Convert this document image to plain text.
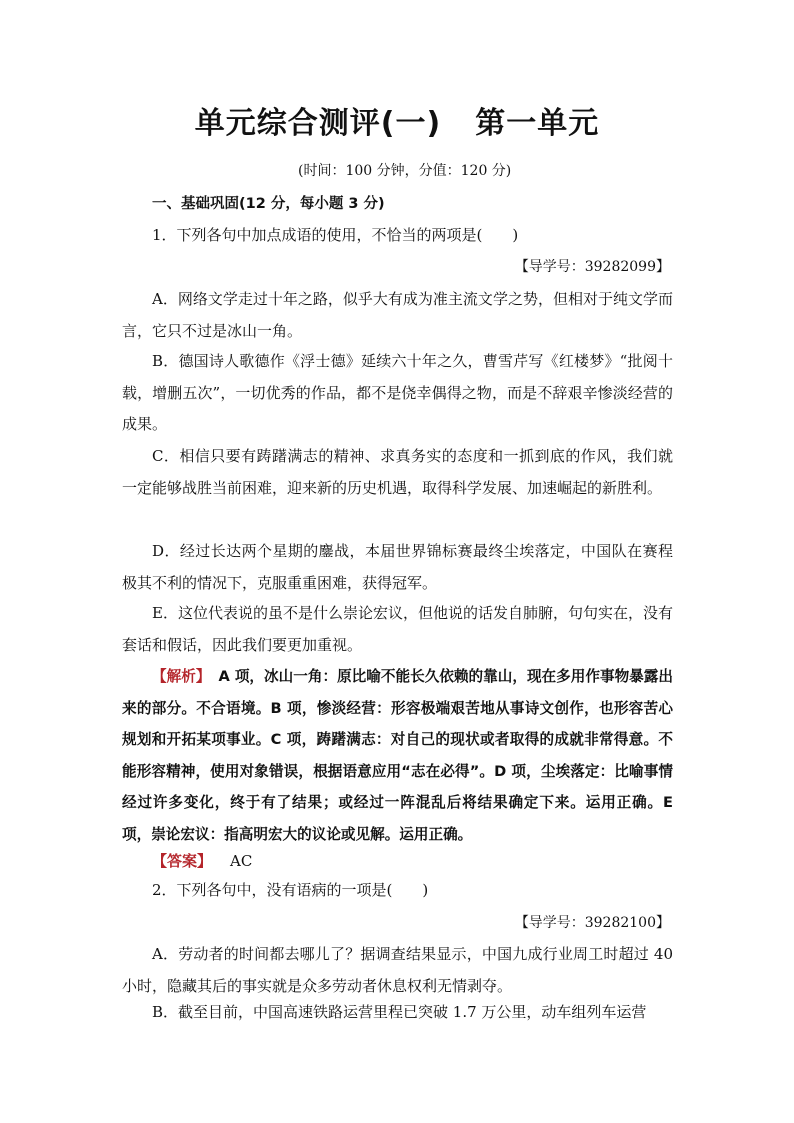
单元综合测评(一) 第一单元
(时间：100 分钟，分值：120 分)
一、基础巩固(12 分，每小题 3 分)
1．下列各句中加点成语的使用，不恰当的两项是(　　)
【导学号：39282099】
A．网络文学走过十年之路，似乎大有成为准主流文学之势，但相对于纯文学而言，它只不过是冰山一角。
B．德国诗人歌德作《浮士德》延续六十年之久，曹雪芹写《红楼梦》“批阅十载，增删五次”，一切优秀的作品，都不是侥幸偶得之物，而是不辞艰辛惨淡经营的成果。
C．相信只要有踌躇满志的精神、求真务实的态度和一抓到底的作风，我们就一定能够战胜当前困难，迎来新的历史机遇，取得科学发展、加速崛起的新胜利。
D．经过长达两个星期的鏖战，本届世界锦标赛最终尘埃落定，中国队在赛程极其不利的情况下，克服重重困难，获得冠军。
E．这位代表说的虽不是什么崇论宏议，但他说的话发自肺腑，句句实在，没有套话和假话，因此我们要更加重视。
【解析】 A 项，冰山一角：原比喻不能长久依赖的靠山，现在多用作事物暴露出来的部分。不合语境。B 项，惨淡经营：形容极端艰苦地从事诗文创作，也形容苦心规划和开拓某项事业。C 项，踌躇满志：对自己的现状或者取得的成就非常得意。不能形容精神，使用对象错误，根据语意应用“志在必得”。D 项，尘埃落定：比喻事情经过许多变化，终于有了结果；或经过一阵混乱后将结果确定下来。运用正确。E 项，崇论宏议：指高明宏大的议论或见解。运用正确。
【答案】 AC
2．下列各句中，没有语病的一项是(　　)
【导学号：39282100】
A．劳动者的时间都去哪儿了？据调查结果显示，中国九成行业周工时超过 40 小时，隐藏其后的事实就是众多劳动者休息权利无情剥夺。
B．截至目前，中国高速铁路运营里程已突破 1.7 万公里，动车组列车运营
